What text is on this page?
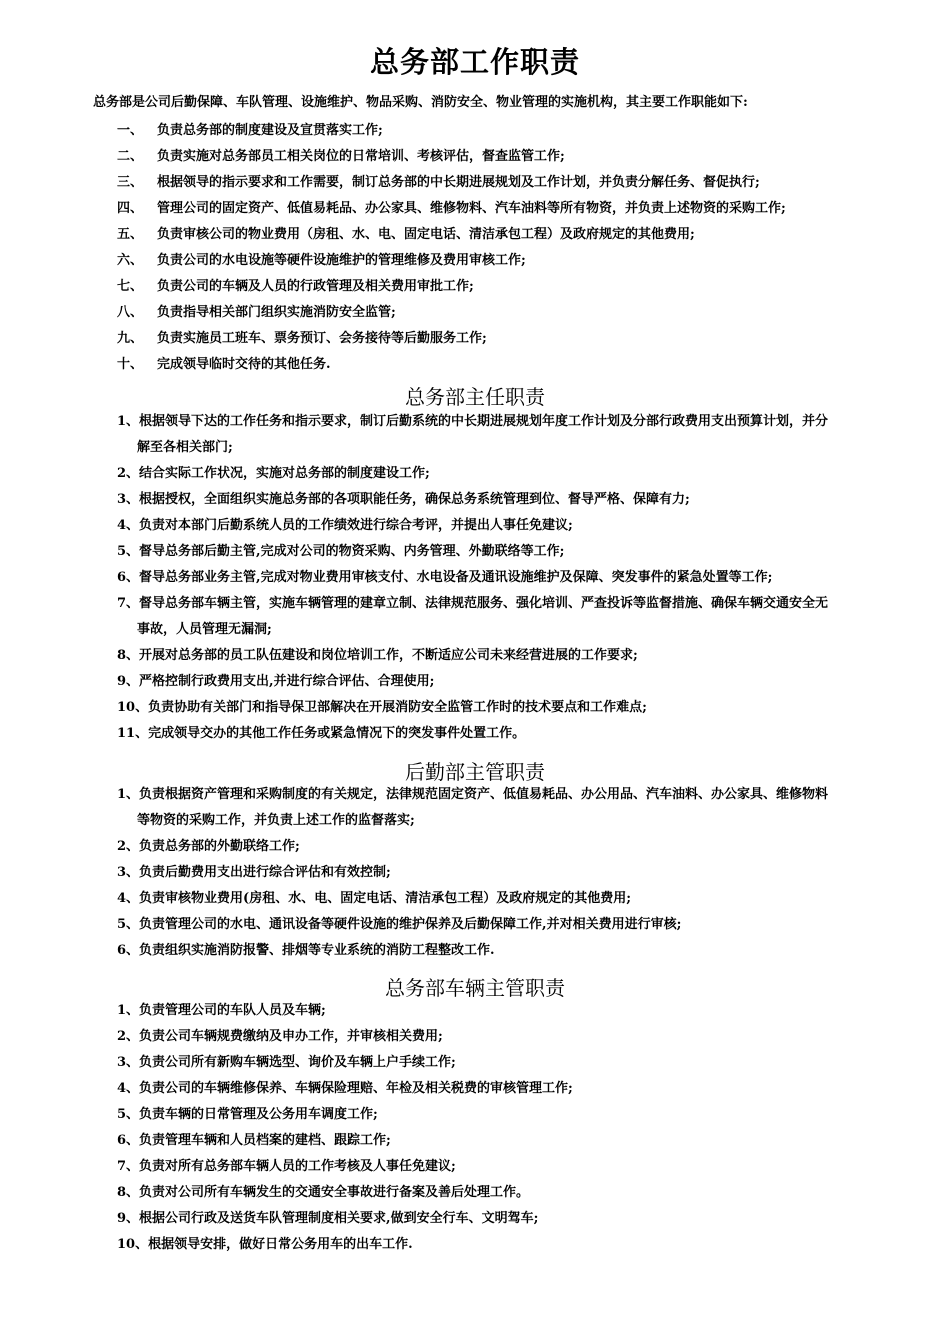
总务部工作职责
总务部是公司后勤保障、车队管理、设施维护、物品采购、消防安全、物业管理的实施机构，其主要工作职能如下:
一、 负责总务部的制度建设及宣贯落实工作;
二、 负责实施对总务部员工相关岗位的日常培训、考核评估，督查监管工作;
三、 根据领导的指示要求和工作需要，制订总务部的中长期进展规划及工作计划，并负责分解任务、督促执行;
四、 管理公司的固定资产、低值易耗品、办公家具、维修物料、汽车油料等所有物资，并负责上述物资的采购工作;
五、 负责审核公司的物业费用（房租、水、电、固定电话、清洁承包工程）及政府规定的其他费用;
六、 负责公司的水电设施等硬件设施维护的管理维修及费用审核工作;
七、 负责公司的车辆及人员的行政管理及相关费用审批工作;
八、 负责指导相关部门组织实施消防安全监管;
九、 负责实施员工班车、票务预订、会务接待等后勤服务工作;
十、 完成领导临时交待的其他任务.
总务部主任职责
1、根据领导下达的工作任务和指示要求，制订后勤系统的中长期进展规划年度工作计划及分部行政费用支出预算计划，并分
解至各相关部门;
2、结合实际工作状况，实施对总务部的制度建设工作;
3、根据授权，全面组织实施总务部的各项职能任务，确保总务系统管理到位、督导严格、保障有力;
4、负责对本部门后勤系统人员的工作绩效进行综合考评，并提出人事任免建议;
5、督导总务部后勤主管,完成对公司的物资采购、内务管理、外勤联络等工作;
6、督导总务部业务主管,完成对物业费用审核支付、水电设备及通讯设施维护及保障、突发事件的紧急处置等工作;
7、督导总务部车辆主管，实施车辆管理的建章立制、法律规范服务、强化培训、严查投诉等监督措施、确保车辆交通安全无
事故，人员管理无漏洞;
8、开展对总务部的员工队伍建设和岗位培训工作，不断适应公司未来经营进展的工作要求;
9、严格控制行政费用支出,并进行综合评估、合理使用;
10、负责协助有关部门和指导保卫部解决在开展消防安全监管工作时的技术要点和工作难点;
11、完成领导交办的其他工作任务或紧急情况下的突发事件处置工作。
后勤部主管职责
1、负责根据资产管理和采购制度的有关规定，法律规范固定资产、低值易耗品、办公用品、汽车油料、办公家具、维修物料
等物资的采购工作，并负责上述工作的监督落实;
2、负责总务部的外勤联络工作;
3、负责后勤费用支出进行综合评估和有效控制;
4、负责审核物业费用(房租、水、电、固定电话、清洁承包工程）及政府规定的其他费用;
5、负责管理公司的水电、通讯设备等硬件设施的维护保养及后勤保障工作,并对相关费用进行审核;
6、负责组织实施消防报警、排烟等专业系统的消防工程整改工作.
总务部车辆主管职责
1、负责管理公司的车队人员及车辆;
2、负责公司车辆规费缴纳及申办工作，并审核相关费用;
3、负责公司所有新购车辆选型、询价及车辆上户手续工作;
4、负责公司的车辆维修保养、车辆保险理赔、年检及相关税费的审核管理工作;
5、负责车辆的日常管理及公务用车调度工作;
6、负责管理车辆和人员档案的建档、跟踪工作;
7、负责对所有总务部车辆人员的工作考核及人事任免建议;
8、负责对公司所有车辆发生的交通安全事故进行备案及善后处理工作。
9、根据公司行政及送货车队管理制度相关要求,做到安全行车、文明驾车;
10、根据领导安排，做好日常公务用车的出车工作.
